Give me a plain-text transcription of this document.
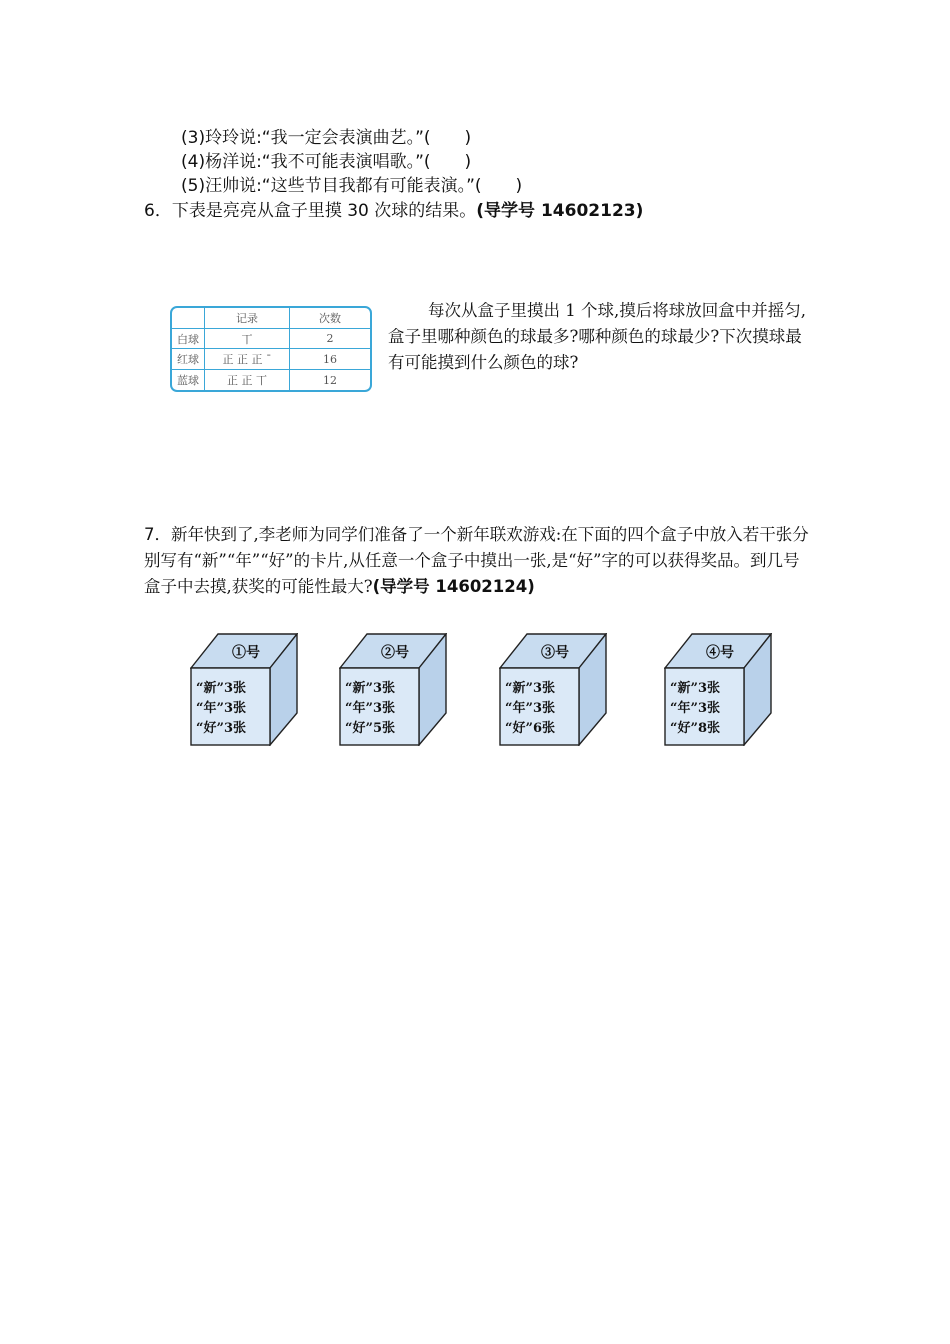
(3)玲玲说:“我一定会表演曲艺。”(　　)
(4)杨洋说:“我不可能表演唱歌。”(　　)
(5)汪帅说:“这些节目我都有可能表演。”(　　)
6．下表是亮亮从盒子里摸 30 次球的结果。(导学号 14602123)
	记录	次数
白球	丅	2
红球	正 正 正 ¯	16
蓝球	正 正 丅	12
每次从盒子里摸出 1 个球,摸后将球放回盒中并摇匀,盒子里哪种颜色的球最多?哪种颜色的球最少?下次摸球最有可能摸到什么颜色的球?
7．新年快到了,李老师为同学们准备了一个新年联欢游戏:在下面的四个盒子中放入若干张分别写有“新”“年”“好”的卡片,从任意一个盒子中摸出一张,是“好”字的可以获得奖品。到几号盒子中去摸,获奖的可能性最大?(导学号 14602124)
①号
“新”3张
“年”3张
“好”3张
②号
“新”3张
“年”3张
“好”5张
③号
“新”3张
“年”3张
“好”6张
④号
“新”3张
“年”3张
“好”8张
